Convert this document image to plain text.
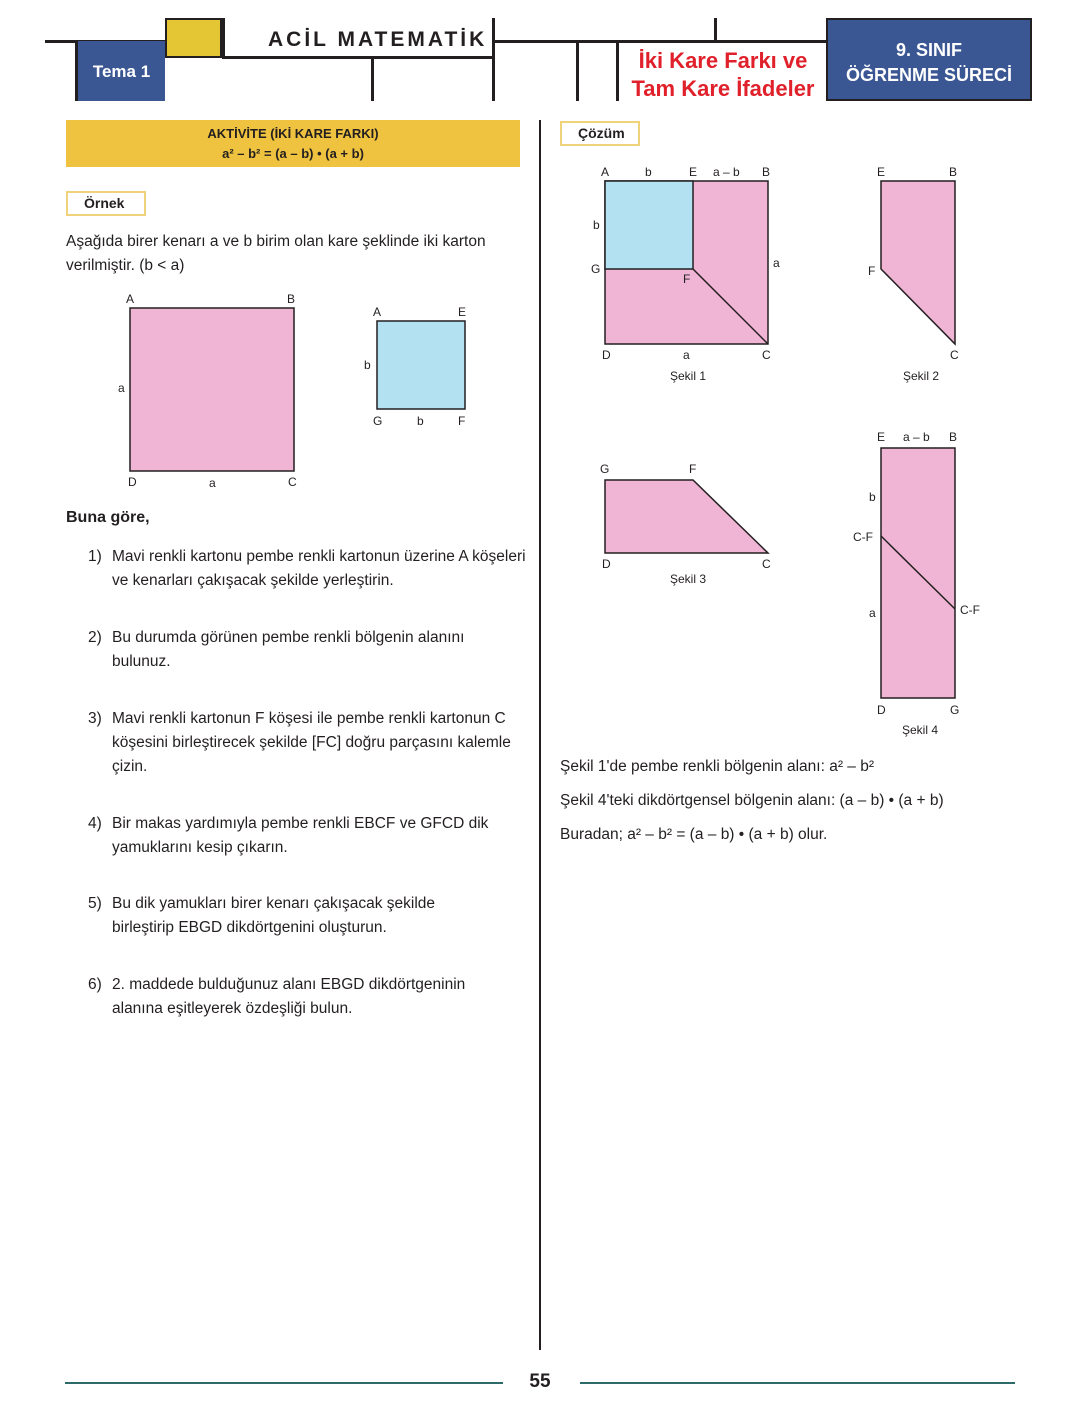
Tema 1
ACİL MATEMATİK
İki Kare Farkı ve
Tam Kare İfadeler
9. SINIF
ÖĞRENME SÜRECİ
AKTİVİTE (İKİ KARE FARKI)
a² – b² = (a – b) • (a + b)
Örnek
Aşağıda birer kenarı a ve b birim olan kare şeklinde iki karton
verilmiştir. (b < a)
Buna göre,
1) Mavi renkli kartonu pembe renkli kartonun üzerine A köşeleri ve kenarları çakışacak şekilde yerleştirin.
2) Bu durumda görünen pembe renkli bölgenin alanını bulunuz.
3) Mavi renkli kartonun F köşesi ile pembe renkli kartonun C köşesini birleştirecek şekilde [FC] doğru parçasını kalemle çizin.
4) Bir makas yardımıyla pembe renkli EBCF ve GFCD dik yamuklarını kesip çıkarın.
5) Bu dik yamukları birer kenarı çakışacak şekilde birleştirip EBGD dikdörtgenini oluşturun.
6) 2. maddede bulduğunuz alanı EBGD dikdörtgeninin alanına eşitleyerek özdeşliği bulun.
Çözüm
Şekil 1'de pembe renkli bölgenin alanı: a² – b²
Şekil 4'teki dikdörtgensel bölgenin alanı: (a – b) • (a + b)
Buradan; a² – b² = (a – b) • (a + b) olur.
A	B
D	C
a
a
A	E
G	F
b
b
A	b	E a – b B
b
G
F
a
D	a	C
Şekil 1
E	B
F
C
Şekil 2
G	F
D	C
Şekil 3
E a – b B
b
C-F
a	C-F
D	G
Şekil 4
55
